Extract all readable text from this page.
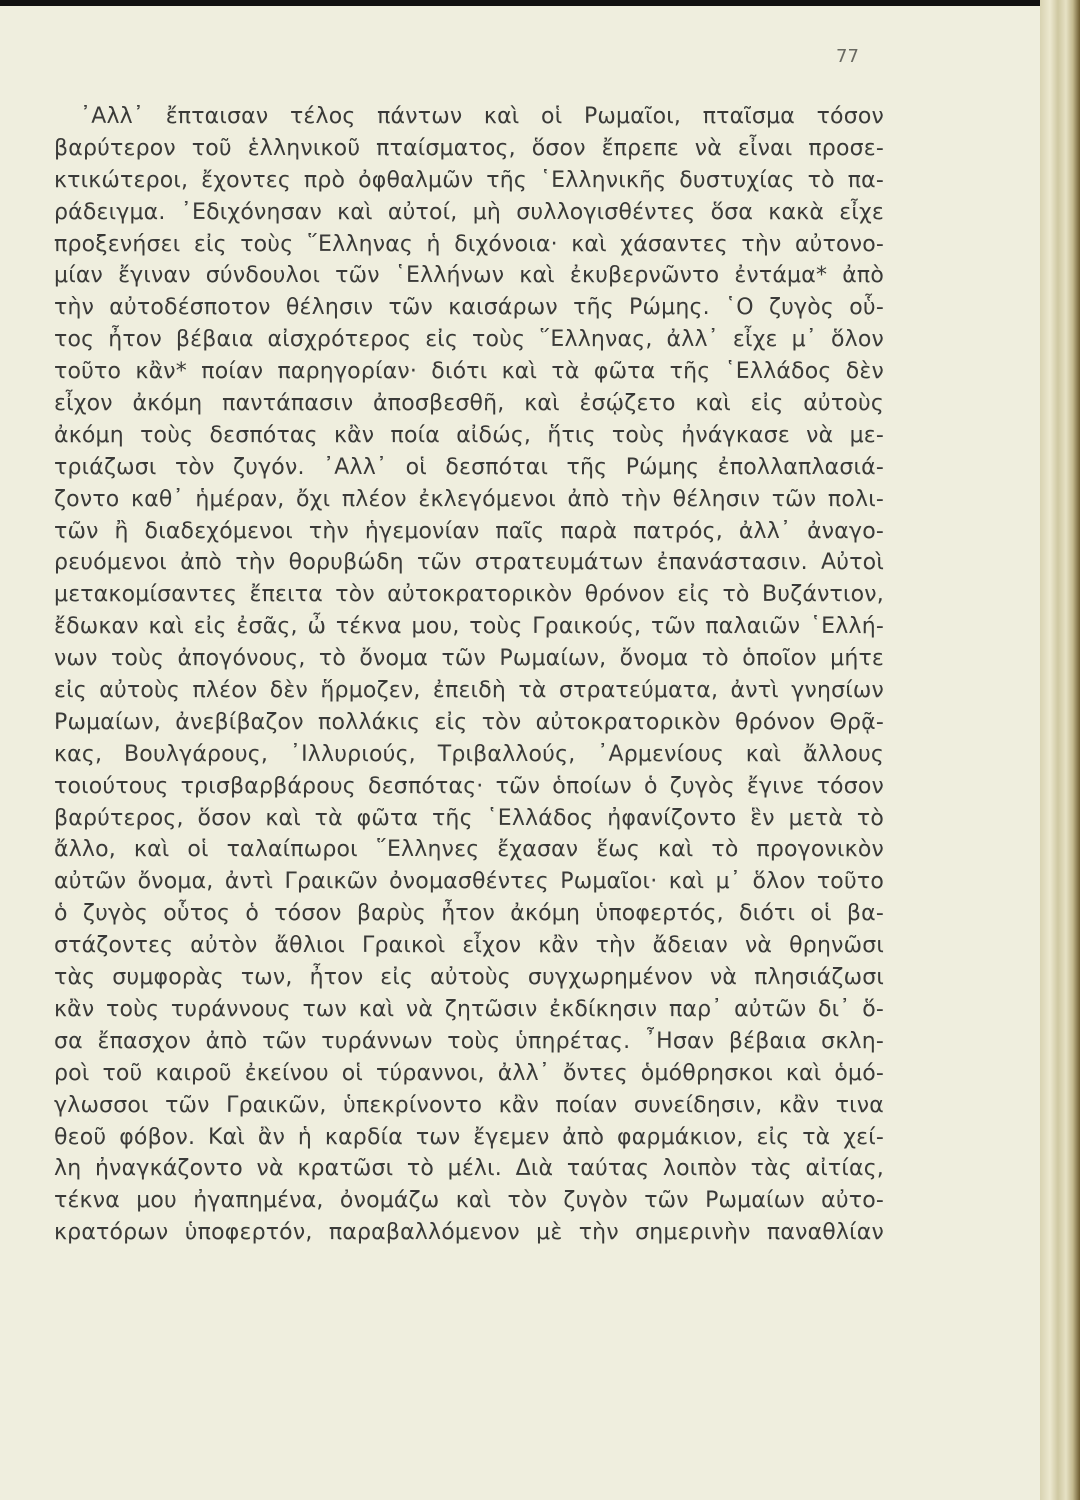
77
᾿Αλλ᾿ ἔπταισαν τέλος πάντων καὶ οἱ Ρωμαῖοι, πταῖσμα τόσον
βαρύτερον τοῦ ἑλληνικοῦ πταίσματος, ὅσον ἔπρεπε νὰ εἶναι προσε-
κτικώτεροι, ἔχοντες πρὸ ὀφθαλμῶν τῆς ῾Ελληνικῆς δυστυχίας τὸ πα-
ράδειγμα. ᾿Εδιχόνησαν καὶ αὐτοί, μὴ συλλογισθέντες ὅσα κακὰ εἶχε
προξενήσει εἰς τοὺς ῞Ελληνας ἡ διχόνοια· καὶ χάσαντες τὴν αὐτονο-
μίαν ἔγιναν σύνδουλοι τῶν ῾Ελλήνων καὶ ἐκυβερνῶντο ἐντάμα* ἀπὸ
τὴν αὐτοδέσποτον θέλησιν τῶν καισάρων τῆς Ρώμης. ῾Ο ζυγὸς οὗ-
τος ἦτον βέβαια αἰσχρότερος εἰς τοὺς ῞Ελληνας, ἀλλ᾿ εἶχε μ᾿ ὅλον
τοῦτο κἂν* ποίαν παρηγορίαν· διότι καὶ τὰ φῶτα τῆς ῾Ελλάδος δὲν
εἶχον ἀκόμη παντάπασιν ἀποσβεσθῆ, καὶ ἐσῴζετο καὶ εἰς αὐτοὺς
ἀκόμη τοὺς δεσπότας κἂν ποία αἰδώς, ἥτις τοὺς ἠνάγκασε νὰ με-
τριάζωσι τὸν ζυγόν. ᾿Αλλ᾿ οἱ δεσπόται τῆς Ρώμης ἐπολλαπλασιά-
ζοντο καθ᾿ ἡμέραν, ὄχι πλέον ἐκλεγόμενοι ἀπὸ τὴν θέλησιν τῶν πολι-
τῶν ἢ διαδεχόμενοι τὴν ἡγεμονίαν παῖς παρὰ πατρός, ἀλλ᾿ ἀναγο-
ρευόμενοι ἀπὸ τὴν θορυβώδη τῶν στρατευμάτων ἐπανάστασιν. Αὐτοὶ
μετακομίσαντες ἔπειτα τὸν αὐτοκρατορικὸν θρόνον εἰς τὸ Βυζάντιον,
ἔδωκαν καὶ εἰς ἐσᾶς, ὦ τέκνα μου, τοὺς Γραικούς, τῶν παλαιῶν ῾Ελλή-
νων τοὺς ἀπογόνους, τὸ ὄνομα τῶν Ρωμαίων, ὄνομα τὸ ὁποῖον μήτε
εἰς αὐτοὺς πλέον δὲν ἥρμοζεν, ἐπειδὴ τὰ στρατεύματα, ἀντὶ γνησίων
Ρωμαίων, ἀνεβίβαζον πολλάκις εἰς τὸν αὐτοκρατορικὸν θρόνον Θρᾷ-
κας, Βουλγάρους, ᾿Ιλλυριούς, Τριβαλλούς, ᾿Αρμενίους καὶ ἄλλους
τοιούτους τρισβαρβάρους δεσπότας· τῶν ὁποίων ὁ ζυγὸς ἔγινε τόσον
βαρύτερος, ὅσον καὶ τὰ φῶτα τῆς ῾Ελλάδος ἠφανίζοντο ἓν μετὰ τὸ
ἄλλο, καὶ οἱ ταλαίπωροι ῞Ελληνες ἔχασαν ἕως καὶ τὸ προγονικὸν
αὐτῶν ὄνομα, ἀντὶ Γραικῶν ὀνομασθέντες Ρωμαῖοι· καὶ μ᾿ ὅλον τοῦτο
ὁ ζυγὸς οὗτος ὁ τόσον βαρὺς ἦτον ἀκόμη ὑποφερτός, διότι οἱ βα-
στάζοντες αὐτὸν ἄθλιοι Γραικοὶ εἶχον κἂν τὴν ἄδειαν νὰ θρηνῶσι
τὰς συμφορὰς των, ἦτον εἰς αὐτοὺς συγχωρημένον νὰ πλησιάζωσι
κἂν τοὺς τυράννους των καὶ νὰ ζητῶσιν ἐκδίκησιν παρ᾿ αὐτῶν δι᾿ ὅ-
σα ἔπασχον ἀπὸ τῶν τυράννων τοὺς ὑπηρέτας. ῏Ησαν βέβαια σκλη-
ροὶ τοῦ καιροῦ ἐκείνου οἱ τύραννοι, ἀλλ᾿ ὄντες ὁμόθρησκοι καὶ ὁμό-
γλωσσοι τῶν Γραικῶν, ὑπεκρίνοντο κἂν ποίαν συνείδησιν, κἂν τινα
θεοῦ φόβον. Καὶ ἂν ἡ καρδία των ἔγεμεν ἀπὸ φαρμάκιον, εἰς τὰ χεί-
λη ἠναγκάζοντο νὰ κρατῶσι τὸ μέλι. Διὰ ταύτας λοιπὸν τὰς αἰτίας,
τέκνα μου ἠγαπημένα, ὀνομάζω καὶ τὸν ζυγὸν τῶν Ρωμαίων αὐτο-
κρατόρων ὑποφερτόν, παραβαλλόμενον μὲ τὴν σημερινὴν παναθλίαν
